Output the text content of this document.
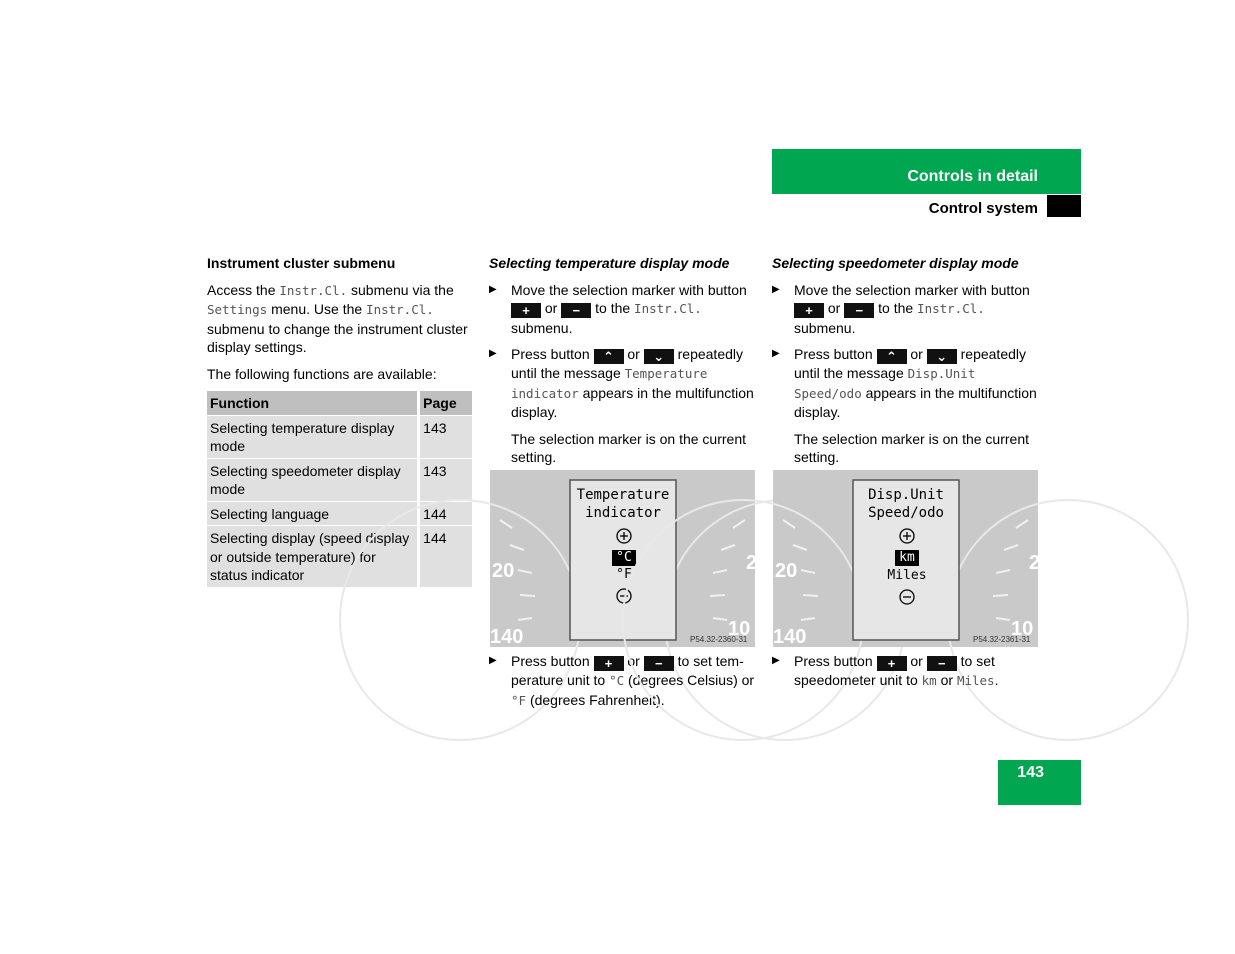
Controls in detail
Control system

Instrument cluster submenu

Access the Instr.Cl. submenu via the Settings menu. Use the Instr.Cl. submenu to change the instrument cluster display settings.

The following functions are available:

Function	Page
Selecting temperature display mode	143
Selecting speedometer display mode	143
Selecting language	144
Selecting display (speed display or outside temperature) for status indicator	144

Selecting temperature display mode

▶ Move the selection marker with button + or − to the Instr.Cl. submenu.
▶ Press button ⌃ or ⌄ repeatedly until the message Temperature indicator appears in the multifunction display.

The selection marker is on the current setting.

Temperature
indicator
°C
°F
20
140
2
10
P54.32-2360-31
▶ Press button + or − to set tem-perature unit to °C (degrees Celsius) or °F (degrees Fahrenheit).

Selecting speedometer display mode

▶ Move the selection marker with button + or − to the Instr.Cl. submenu.
▶ Press button ⌃ or ⌄ repeatedly until the message Disp.Unit Speed/odo appears in the multifunction display.

The selection marker is on the current setting.

Disp.Unit
Speed/odo
km
Miles
20
140
2
10
P54.32-2361-31
▶ Press button + or − to set speedometer unit to km or Miles.
143
